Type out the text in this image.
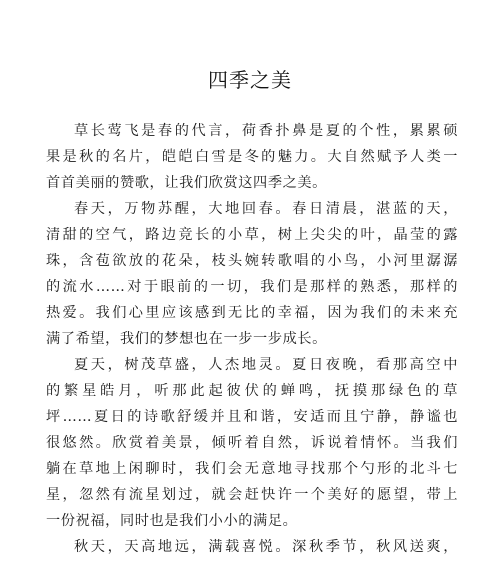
四季之美
草长莺飞是春的代言，荷香扑鼻是夏的个性，累累硕
果是秋的名片，皑皑白雪是冬的魅力。大自然赋予人类一
首首美丽的赞歌，让我们欣赏这四季之美。
春天，万物苏醒，大地回春。春日清晨，湛蓝的天，
清甜的空气，路边竞长的小草，树上尖尖的叶，晶莹的露
珠，含苞欲放的花朵，枝头婉转歌唱的小鸟，小河里潺潺
的流水……对于眼前的一切，我们是那样的熟悉，那样的
热爱。我们心里应该感到无比的幸福，因为我们的未来充
满了希望，我们的梦想也在一步一步成长。
夏天，树茂草盛，人杰地灵。夏日夜晚，看那高空中
的繁星皓月，听那此起彼伏的蝉鸣，抚摸那绿色的草
坪……夏日的诗歌舒缓并且和谐，安适而且宁静，静谧也
很悠然。欣赏着美景，倾听着自然，诉说着情怀。当我们
躺在草地上闲聊时，我们会无意地寻找那个勺形的北斗七
星，忽然有流星划过，就会赶快许一个美好的愿望，带上
一份祝福，同时也是我们小小的满足。
秋天，天高地远，满载喜悦。深秋季节，秋风送爽，
